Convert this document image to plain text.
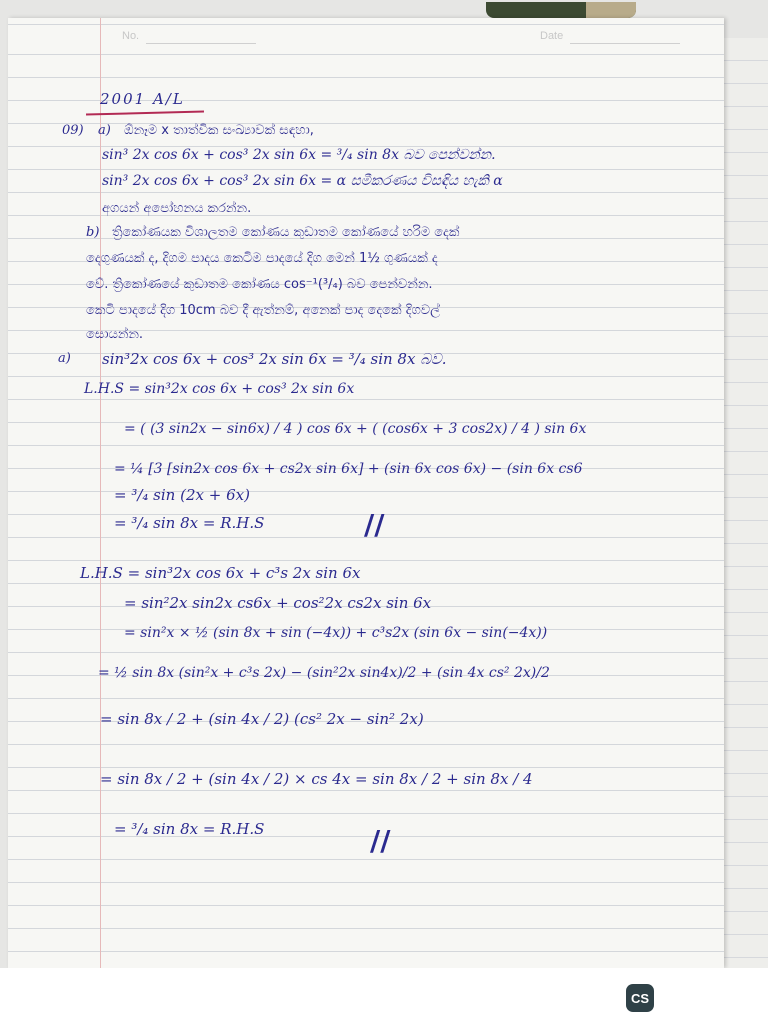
No.	Date
2001 A/L
09) a) ඕනෑම x තාත්වික සංඛ්‍යාවක් සඳහා,
sin³ 2x cos 6x + cos³ 2x sin 6x = ³/₄ sin 8x බව පෙන්වන්න.
sin³ 2x cos 6x + cos³ 2x sin 6x = α සමීකරණය විසඳිය හැකි α
අගයන් අපෝහනය කරන්න.
b) ත්‍රිකෝණයක විශාලතම කෝණය කුඩාතම කෝණයේ හරිම දෙක්
දෙගුණයක් ද, දිගම පාදය කෙටිම පාදයේ දිග මෙන් 1½ ගුණයක් ද
වේ. ත්‍රිකෝණයේ කුඩාතම කෝණය cos⁻¹(³/₄) බව පෙන්වන්න.
කෙටි පාදයේ දිග 10cm බව දී ඇත්නම්, අනෙක් පාද දෙකේ දිගවල්
සොයන්න.
a) sin³2x cos 6x + cos³ 2x sin 6x = ³/₄ sin 8x බව.
L.H.S = sin³2x cos 6x + cos³ 2x sin 6x
= ( (3 sin2x − sin6x) / 4 ) cos 6x + ( (cos6x + 3 cos2x) / 4 ) sin 6x
= ¼ [3 [sin2x cos 6x + cs2x sin 6x] + (sin 6x cos 6x) − (sin 6x cs6
= ³/₄ sin (2x + 6x)
= ³/₄ sin 8x = R.H.S	//
L.H.S = sin³2x cos 6x + c³s 2x sin 6x
= sin²2x sin2x cs6x + cos²2x cs2x sin 6x
= sin²x × ½ (sin 8x + sin (−4x)) + c³s2x (sin 6x − sin(−4x))
= ½ sin 8x (sin²x + c³s 2x) − (sin²2x sin4x)/2 + (sin 4x cs² 2x)/2
= sin 8x / 2 + (sin 4x / 2) (cs² 2x − sin² 2x)
= sin 8x / 2 + (sin 4x / 2) × cs 4x = sin 8x / 2 + sin 8x / 4
= ³/₄ sin 8x = R.H.S	//
CS
